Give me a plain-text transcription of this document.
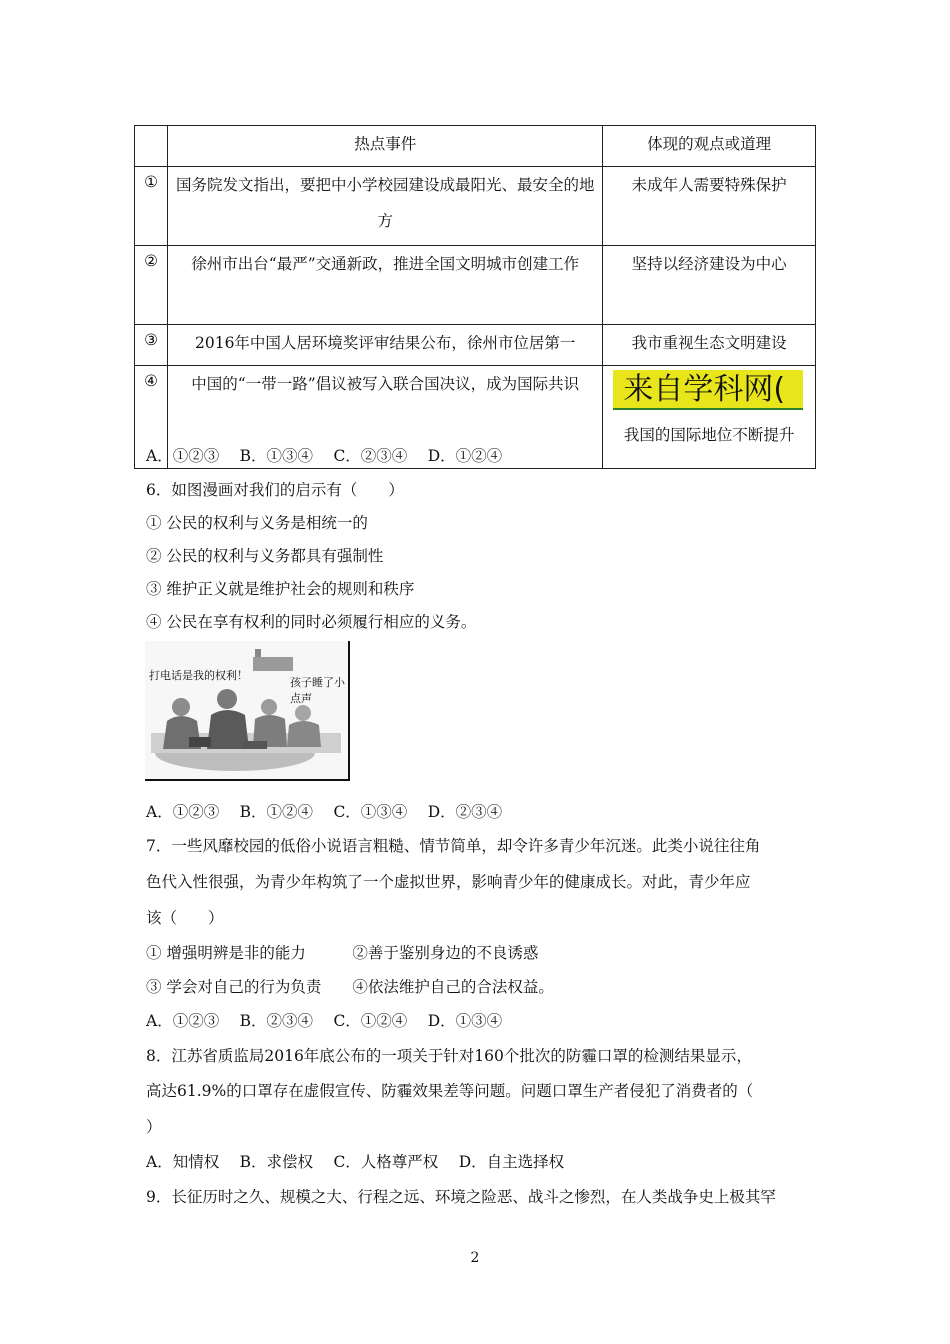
	热点事件	体现的观点或道理
①	国务院发文指出，要把中小学校园建设成最阳光、最安全的地方	未成年人需要特殊保护
②	徐州市出台“最严”交通新政，推进全国文明城市创建工作	坚持以经济建设为中心
③	2016年中国人居环境奖评审结果公布，徐州市位居第一	我市重视生态文明建设
④	中国的“一带一路”倡议被写入联合国决议，成为国际共识	来自学科网(
我国的国际地位不断提升
A．①②③　 B．①③④　 C．②③④　 D．①②④
6．如图漫画对我们的启示有（　　）
① 公民的权利与义务是相统一的
② 公民的权利与义务都具有强制性
③ 维护正义就是维护社会的规则和秩序
④ 公民在享有权利的同时必须履行相应的义务。
打电话是我的权利！
孩子睡了小点声
A．①②③　 B．①②④　 C．①③④　 D．②③④
7．一些风靡校园的低俗小说语言粗糙、情节简单，却令许多青少年沉迷。此类小说往往角
色代入性很强，为青少年构筑了一个虚拟世界，影响青少年的健康成长。对此，青少年应
该（　　）
① 增强明辨是非的能力　　　②善于鉴别身边的不良诱惑
③ 学会对自己的行为负责　　④依法维护自己的合法权益。
A．①②③　 B．②③④　 C．①②④　 D．①③④
8．江苏省质监局2016年底公布的一项关于针对160个批次的防霾口罩的检测结果显示，
高达61.9%的口罩存在虚假宣传、防霾效果差等问题。问题口罩生产者侵犯了消费者的（
）
A．知情权　 B．求偿权　 C．人格尊严权　 D．自主选择权
9．长征历时之久、规模之大、行程之远、环境之险恶、战斗之惨烈，在人类战争史上极其罕
2
